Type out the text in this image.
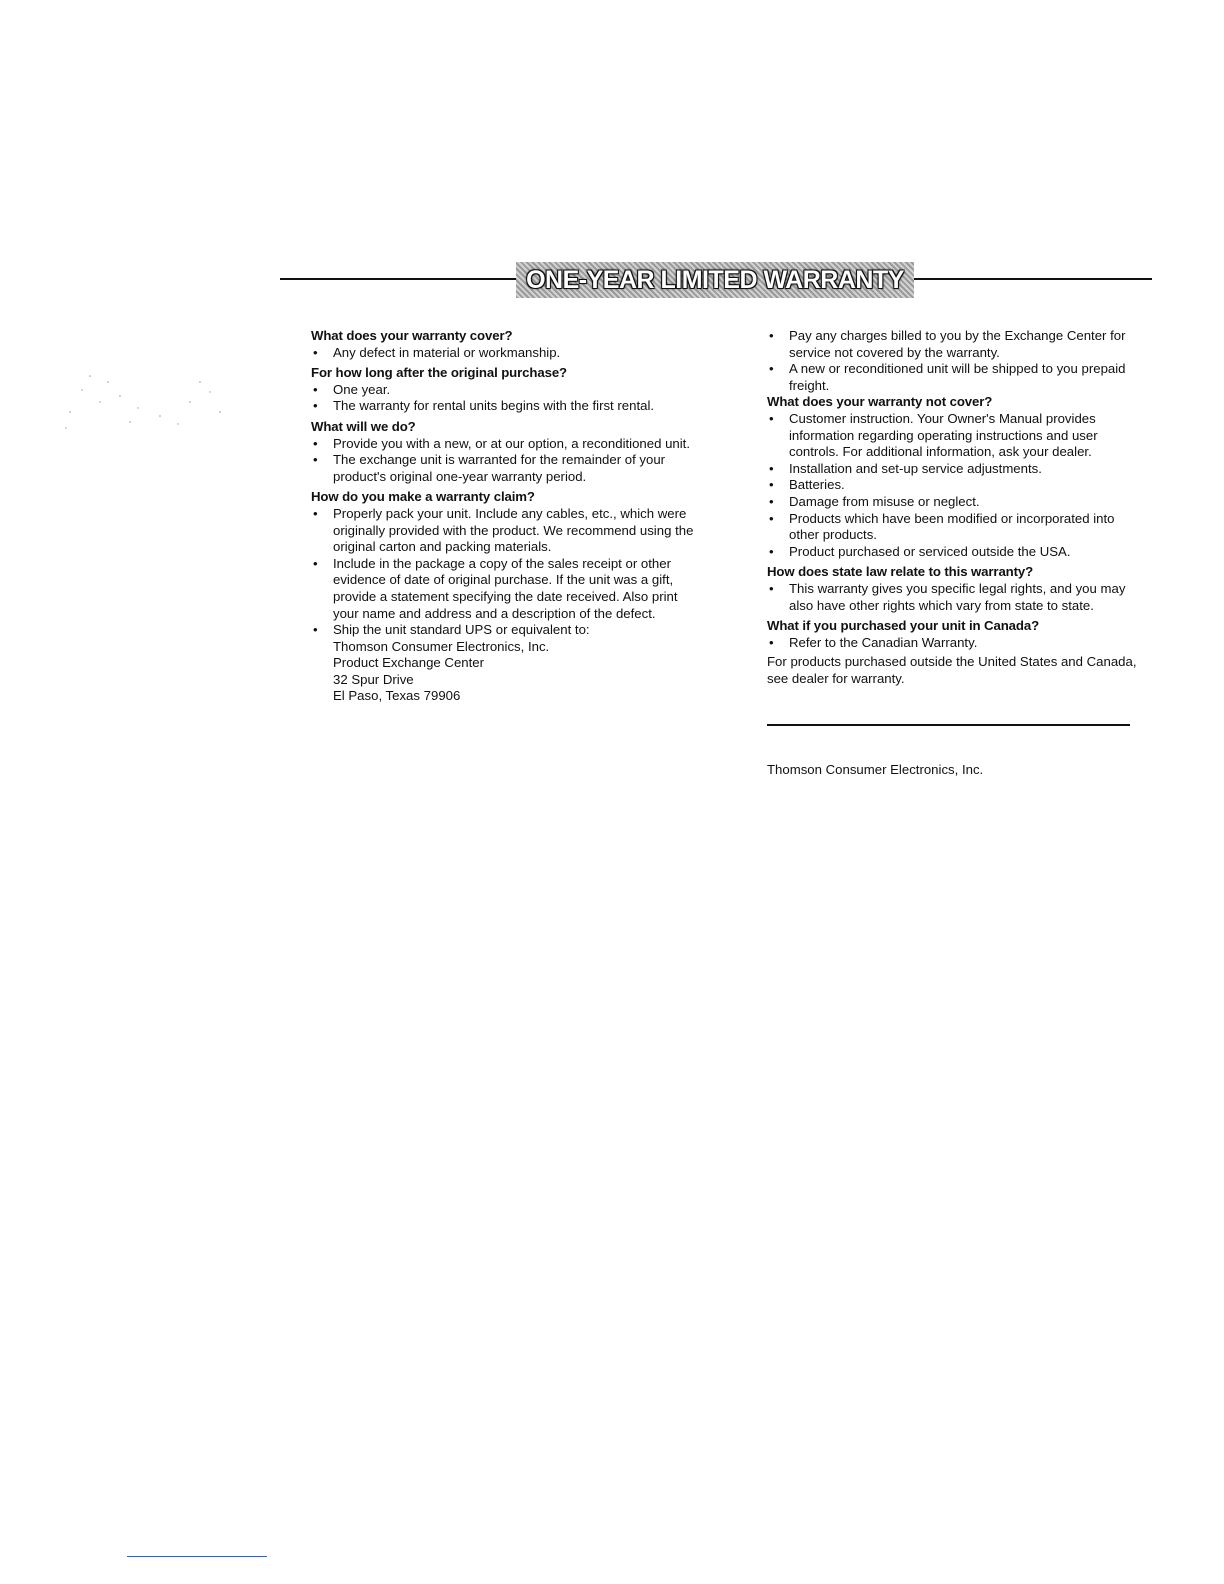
ONE-YEAR LIMITED WARRANTY
What does your warranty cover?
• Any defect in material or workmanship.
For how long after the original purchase?
• One year.
• The warranty for rental units begins with the first rental.
What will we do?
• Provide you with a new, or at our option, a reconditioned unit.
• The exchange unit is warranted for the remainder of your product's original one-year warranty period.
How do you make a warranty claim?
• Properly pack your unit. Include any cables, etc., which were originally provided with the product. We recommend using the original carton and packing materials.
• Include in the package a copy of the sales receipt or other evidence of date of original purchase. If the unit was a gift, provide a statement specifying the date received. Also print your name and address and a description of the defect.
• Ship the unit standard UPS or equivalent to:
Thomson Consumer Electronics, Inc.
Product Exchange Center
32 Spur Drive
El Paso, Texas 79906
• Pay any charges billed to you by the Exchange Center for service not covered by the warranty.
• A new or reconditioned unit will be shipped to you prepaid freight.
What does your warranty not cover?
• Customer instruction. Your Owner's Manual provides information regarding operating instructions and user controls. For additional information, ask your dealer.
• Installation and set-up service adjustments.
• Batteries.
• Damage from misuse or neglect.
• Products which have been modified or incorporated into other products.
• Product purchased or serviced outside the USA.
How does state law relate to this warranty?
• This warranty gives you specific legal rights, and you may also have other rights which vary from state to state.
What if you purchased your unit in Canada?
• Refer to the Canadian Warranty.
For products purchased outside the United States and Canada, see dealer for warranty.
Thomson Consumer Electronics, Inc.
